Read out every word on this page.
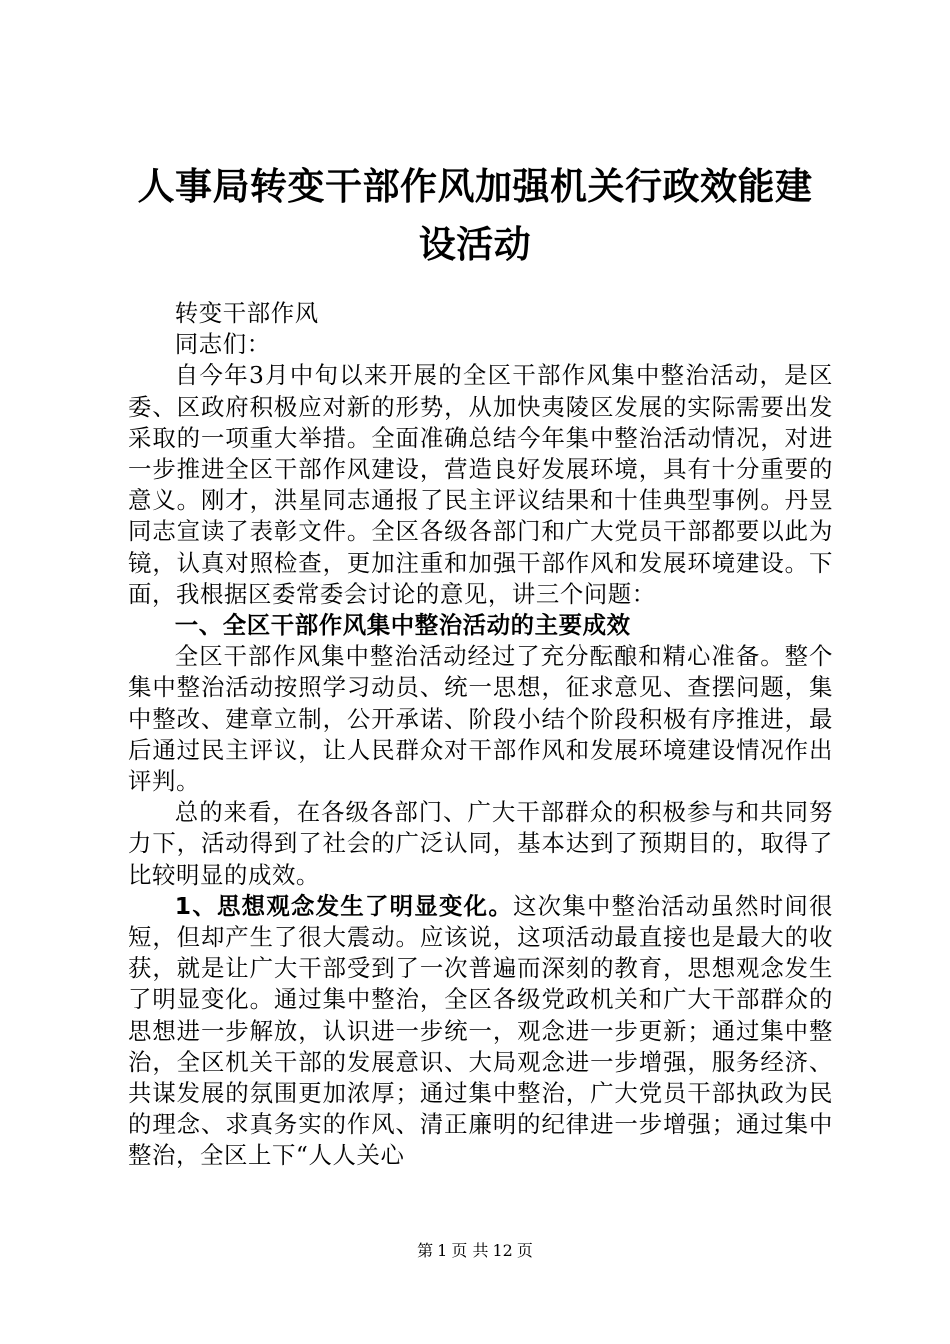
人事局转变干部作风加强机关行政效能建设活动

转变干部作风

同志们：

自今年3月中旬以来开展的全区干部作风集中整治活动，是区委、区政府积极应对新的形势，从加快夷陵区发展的实际需要出发采取的一项重大举措。全面准确总结今年集中整治活动情况，对进一步推进全区干部作风建设，营造良好发展环境，具有十分重要的意义。刚才，洪星同志通报了民主评议结果和十佳典型事例。丹昱同志宣读了表彰文件。全区各级各部门和广大党员干部都要以此为镜，认真对照检查，更加注重和加强干部作风和发展环境建设。下面，我根据区委常委会讨论的意见，讲三个问题：

一、全区干部作风集中整治活动的主要成效

全区干部作风集中整治活动经过了充分酝酿和精心准备。整个集中整治活动按照学习动员、统一思想，征求意见、查摆问题，集中整改、建章立制，公开承诺、阶段小结个阶段积极有序推进，最后通过民主评议，让人民群众对干部作风和发展环境建设情况作出评判。

总的来看，在各级各部门、广大干部群众的积极参与和共同努力下，活动得到了社会的广泛认同，基本达到了预期目的，取得了比较明显的成效。

1、思想观念发生了明显变化。这次集中整治活动虽然时间很短，但却产生了很大震动。应该说，这项活动最直接也是最大的收获，就是让广大干部受到了一次普遍而深刻的教育，思想观念发生了明显变化。通过集中整治，全区各级党政机关和广大干部群众的思想进一步解放，认识进一步统一，观念进一步更新；通过集中整治，全区机关干部的发展意识、大局观念进一步增强，服务经济、共谋发展的氛围更加浓厚；通过集中整治，广大党员干部执政为民的理念、求真务实的作风、清正廉明的纪律进一步增强；通过集中整治，全区上下“人人关心

第 1 页 共 12 页
